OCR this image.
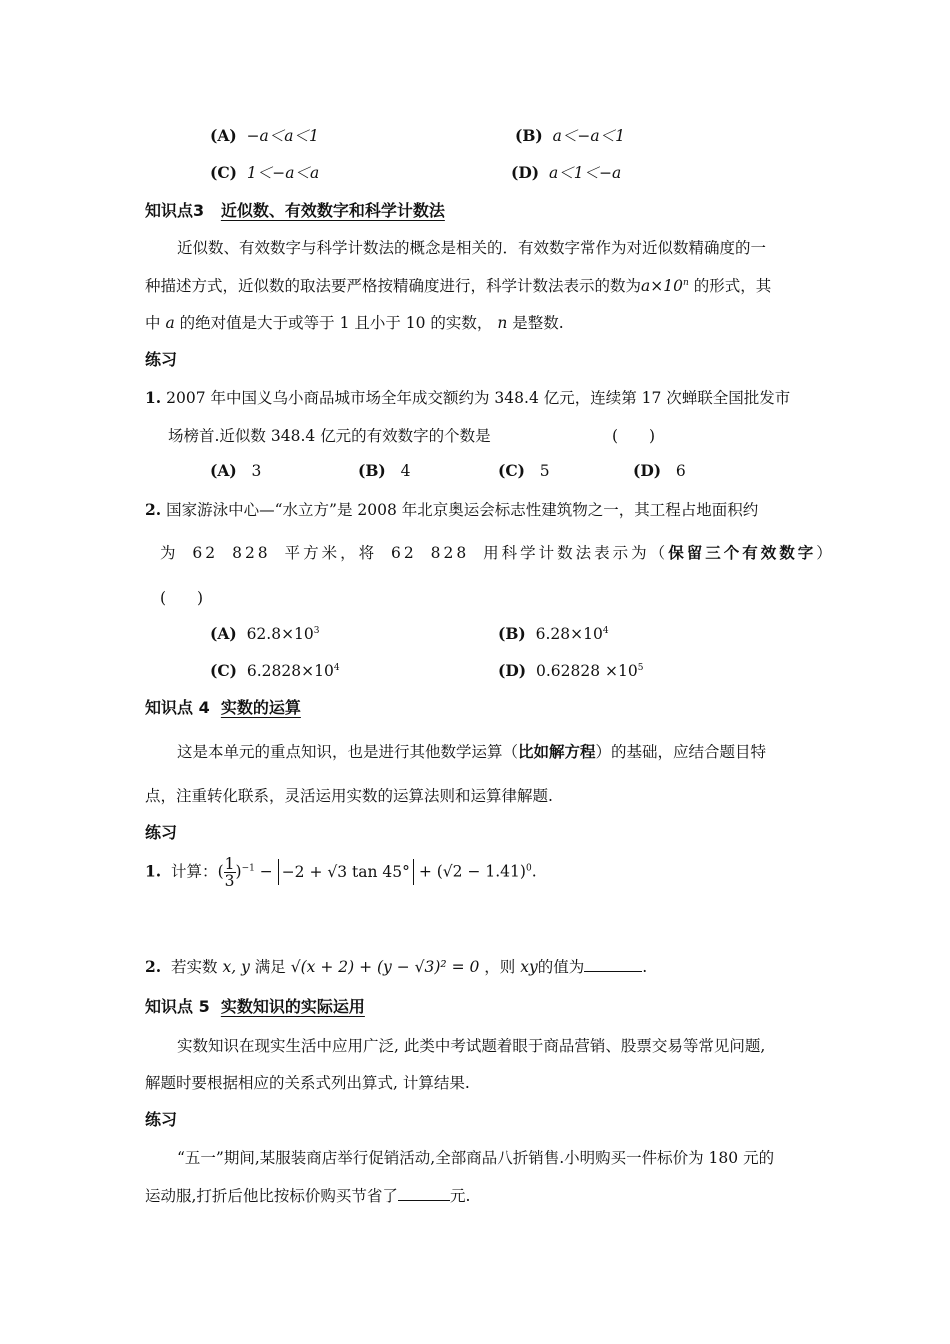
(A) −a＜a＜1	(B) a＜−a＜1
(C) 1＜−a＜a	(D) a＜1＜−a
知识点3 近似数、有效数字和科学计数法
近似数、有效数字与科学计数法的概念是相关的．有效数字常作为对近似数精确度的一
种描述方式，近似数的取法要严格按精确度进行，科学计数法表示的数为$a\times 10^n$ 的形式，其
中 a 的绝对值是大于或等于 1 且小于 10 的实数， n 是整数.
练习
1. 2007 年中国义乌小商品城市场全年成交额约为 348.4 亿元，连续第 17 次蝉联全国批发市
场榜首.近似数 348.4 亿元的有效数字的个数是	(　　)
(A) 3	(B) 4	(C) 5	(D) 6
2. 国家游泳中心—“水立方”是 2008 年北京奥运会标志性建筑物之一，其工程占地面积约
为 62 828 平方米，将 62 828 用科学计数法表示为（保留三个有效数字）
(　　)
(A) $62.8\times 10^3$	(B) $6.28\times 10^4$
(C) $6.2828\times 10^4$	(D) $0.62828 \times 10^5$
知识点 4 实数的运算
这是本单元的重点知识，也是进行其他数学运算（比如解方程）的基础，应结合题目特
点，注重转化联系，灵活运用实数的运算法则和运算律解题.
练习
1. 计算：( $\frac{1}{3} )^{-1} - -2 + √3$ $\tan 45^\circ + (√2 - 1.41)^0$.
2. 若实数 x, y 满足 √(x + 2) + (y − √3)² = 0 ，则 xy的值为	.
知识点 5 实数知识的实际运用
实数知识在现实生活中应用广泛, 此类中考试题着眼于商品营销、股票交易等常见问题,
解题时要根据相应的关系式列出算式, 计算结果.
练习
“五一”期间,某服装商店举行促销活动,全部商品八折销售.小明购买一件标价为 180 元的
运动服,打折后他比按标价购买节省了	元.
